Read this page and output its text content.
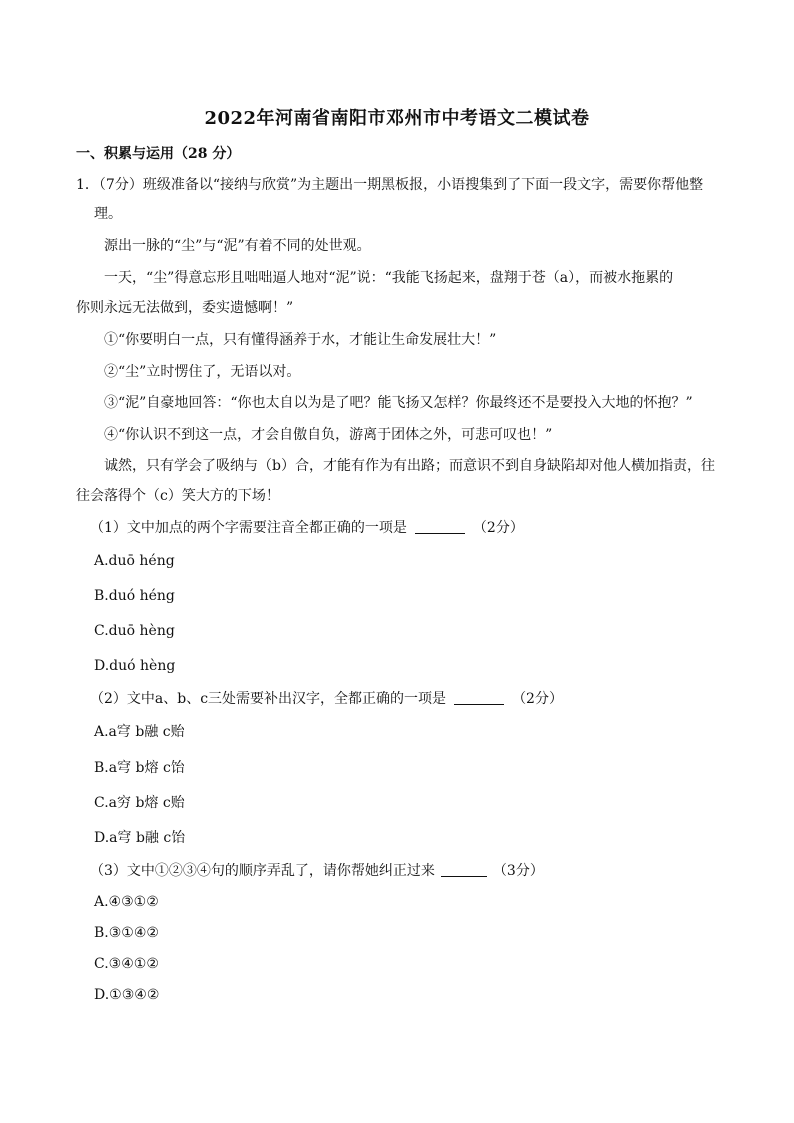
2022年河南省南阳市邓州市中考语文二模试卷
一、积累与运用（28 分）
1．（7分）班级准备以“接纳与欣赏”为主题出一期黑板报，小语搜集到了下面一段文字，需要你帮他整
理。
源出一脉的“尘”与“泥”有着不同的处世观。
一天，“尘”得意忘形且咄咄逼人地对“泥”说：“我能飞扬起来，盘翔于苍（a），而被水拖累的
你则永远无法做到，委实遗憾啊！”
①“你要明白一点，只有懂得涵养于水，才能让生命发展壮大！”
②“尘”立时愣住了，无语以对。
③“泥”自豪地回答：“你也太自以为是了吧？能飞扬又怎样？你最终还不是要投入大地的怀抱？”
④“你认识不到这一点，才会自傲自负，游离于团体之外，可悲可叹也！”
诚然，只有学会了吸纳与（b）合，才能有作为有出路；而意识不到自身缺陷却对他人横加指责，往
往会落得个（c）笑大方的下场！
（1）文中加点的两个字需要注音全都正确的一项是	（2分）
A.duō héng
B.duó héng
C.duō hèng
D.duó hèng
（2）文中a、b、c三处需要补出汉字，全都正确的一项是	（2分）
A.a穹 b融 c贻
B.a穹 b熔 c饴
C.a穷 b熔 c贻
D.a穹 b融 c饴
（3）文中①②③④句的顺序弄乱了，请你帮她纠正过来	（3分）
A.④③①②
B.③①④②
C.③④①②
D.①③④②
